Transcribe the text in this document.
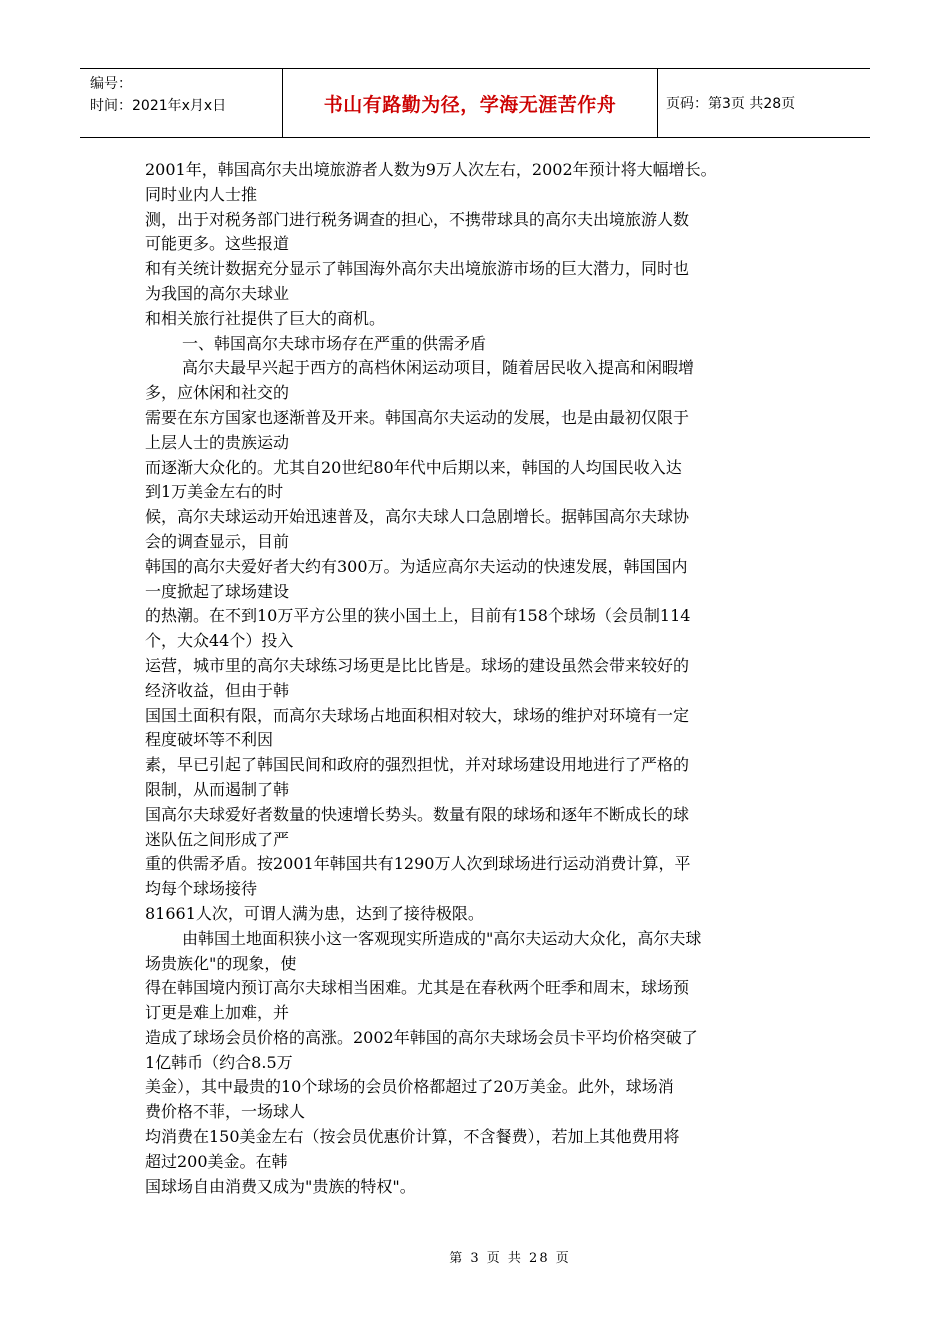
编号：
时间：2021年x月x日	书山有路勤为径，学海无涯苦作舟	页码：第3页 共28页
2001年，韩国高尔夫出境旅游者人数为9万人次左右，2002年预计将大幅增长。
同时业内人士推
测，出于对税务部门进行税务调查的担心，不携带球具的高尔夫出境旅游人数
可能更多。这些报道
和有关统计数据充分显示了韩国海外高尔夫出境旅游市场的巨大潜力，同时也
为我国的高尔夫球业
和相关旅行社提供了巨大的商机。
一、韩国高尔夫球市场存在严重的供需矛盾
高尔夫最早兴起于西方的高档休闲运动项目，随着居民收入提高和闲暇增
多，应休闲和社交的
需要在东方国家也逐渐普及开来。韩国高尔夫运动的发展，也是由最初仅限于
上层人士的贵族运动
而逐渐大众化的。尤其自20世纪80年代中后期以来，韩国的人均国民收入达
到1万美金左右的时
候，高尔夫球运动开始迅速普及，高尔夫球人口急剧增长。据韩国高尔夫球协
会的调查显示，目前
韩国的高尔夫爱好者大约有300万。为适应高尔夫运动的快速发展，韩国国内
一度掀起了球场建设
的热潮。在不到10万平方公里的狭小国土上，目前有158个球场（会员制114
个，大众44个）投入
运营，城市里的高尔夫球练习场更是比比皆是。球场的建设虽然会带来较好的
经济收益，但由于韩
国国土面积有限，而高尔夫球场占地面积相对较大，球场的维护对环境有一定
程度破坏等不利因
素，早已引起了韩国民间和政府的强烈担忧，并对球场建设用地进行了严格的
限制，从而遏制了韩
国高尔夫球爱好者数量的快速增长势头。数量有限的球场和逐年不断成长的球
迷队伍之间形成了严
重的供需矛盾。按2001年韩国共有1290万人次到球场进行运动消费计算，平
均每个球场接待
81661人次，可谓人满为患，达到了接待极限。
由韩国土地面积狭小这一客观现实所造成的"高尔夫运动大众化，高尔夫球
场贵族化"的现象，使
得在韩国境内预订高尔夫球相当困难。尤其是在春秋两个旺季和周末，球场预
订更是难上加难，并
造成了球场会员价格的高涨。2002年韩国的高尔夫球场会员卡平均价格突破了
1亿韩币（约合8.5万
美金），其中最贵的10个球场的会员价格都超过了20万美金。此外，球场消
费价格不菲，一场球人
均消费在150美金左右（按会员优惠价计算，不含餐费），若加上其他费用将
超过200美金。在韩
国球场自由消费又成为"贵族的特权"。
第 3 页 共 28 页
